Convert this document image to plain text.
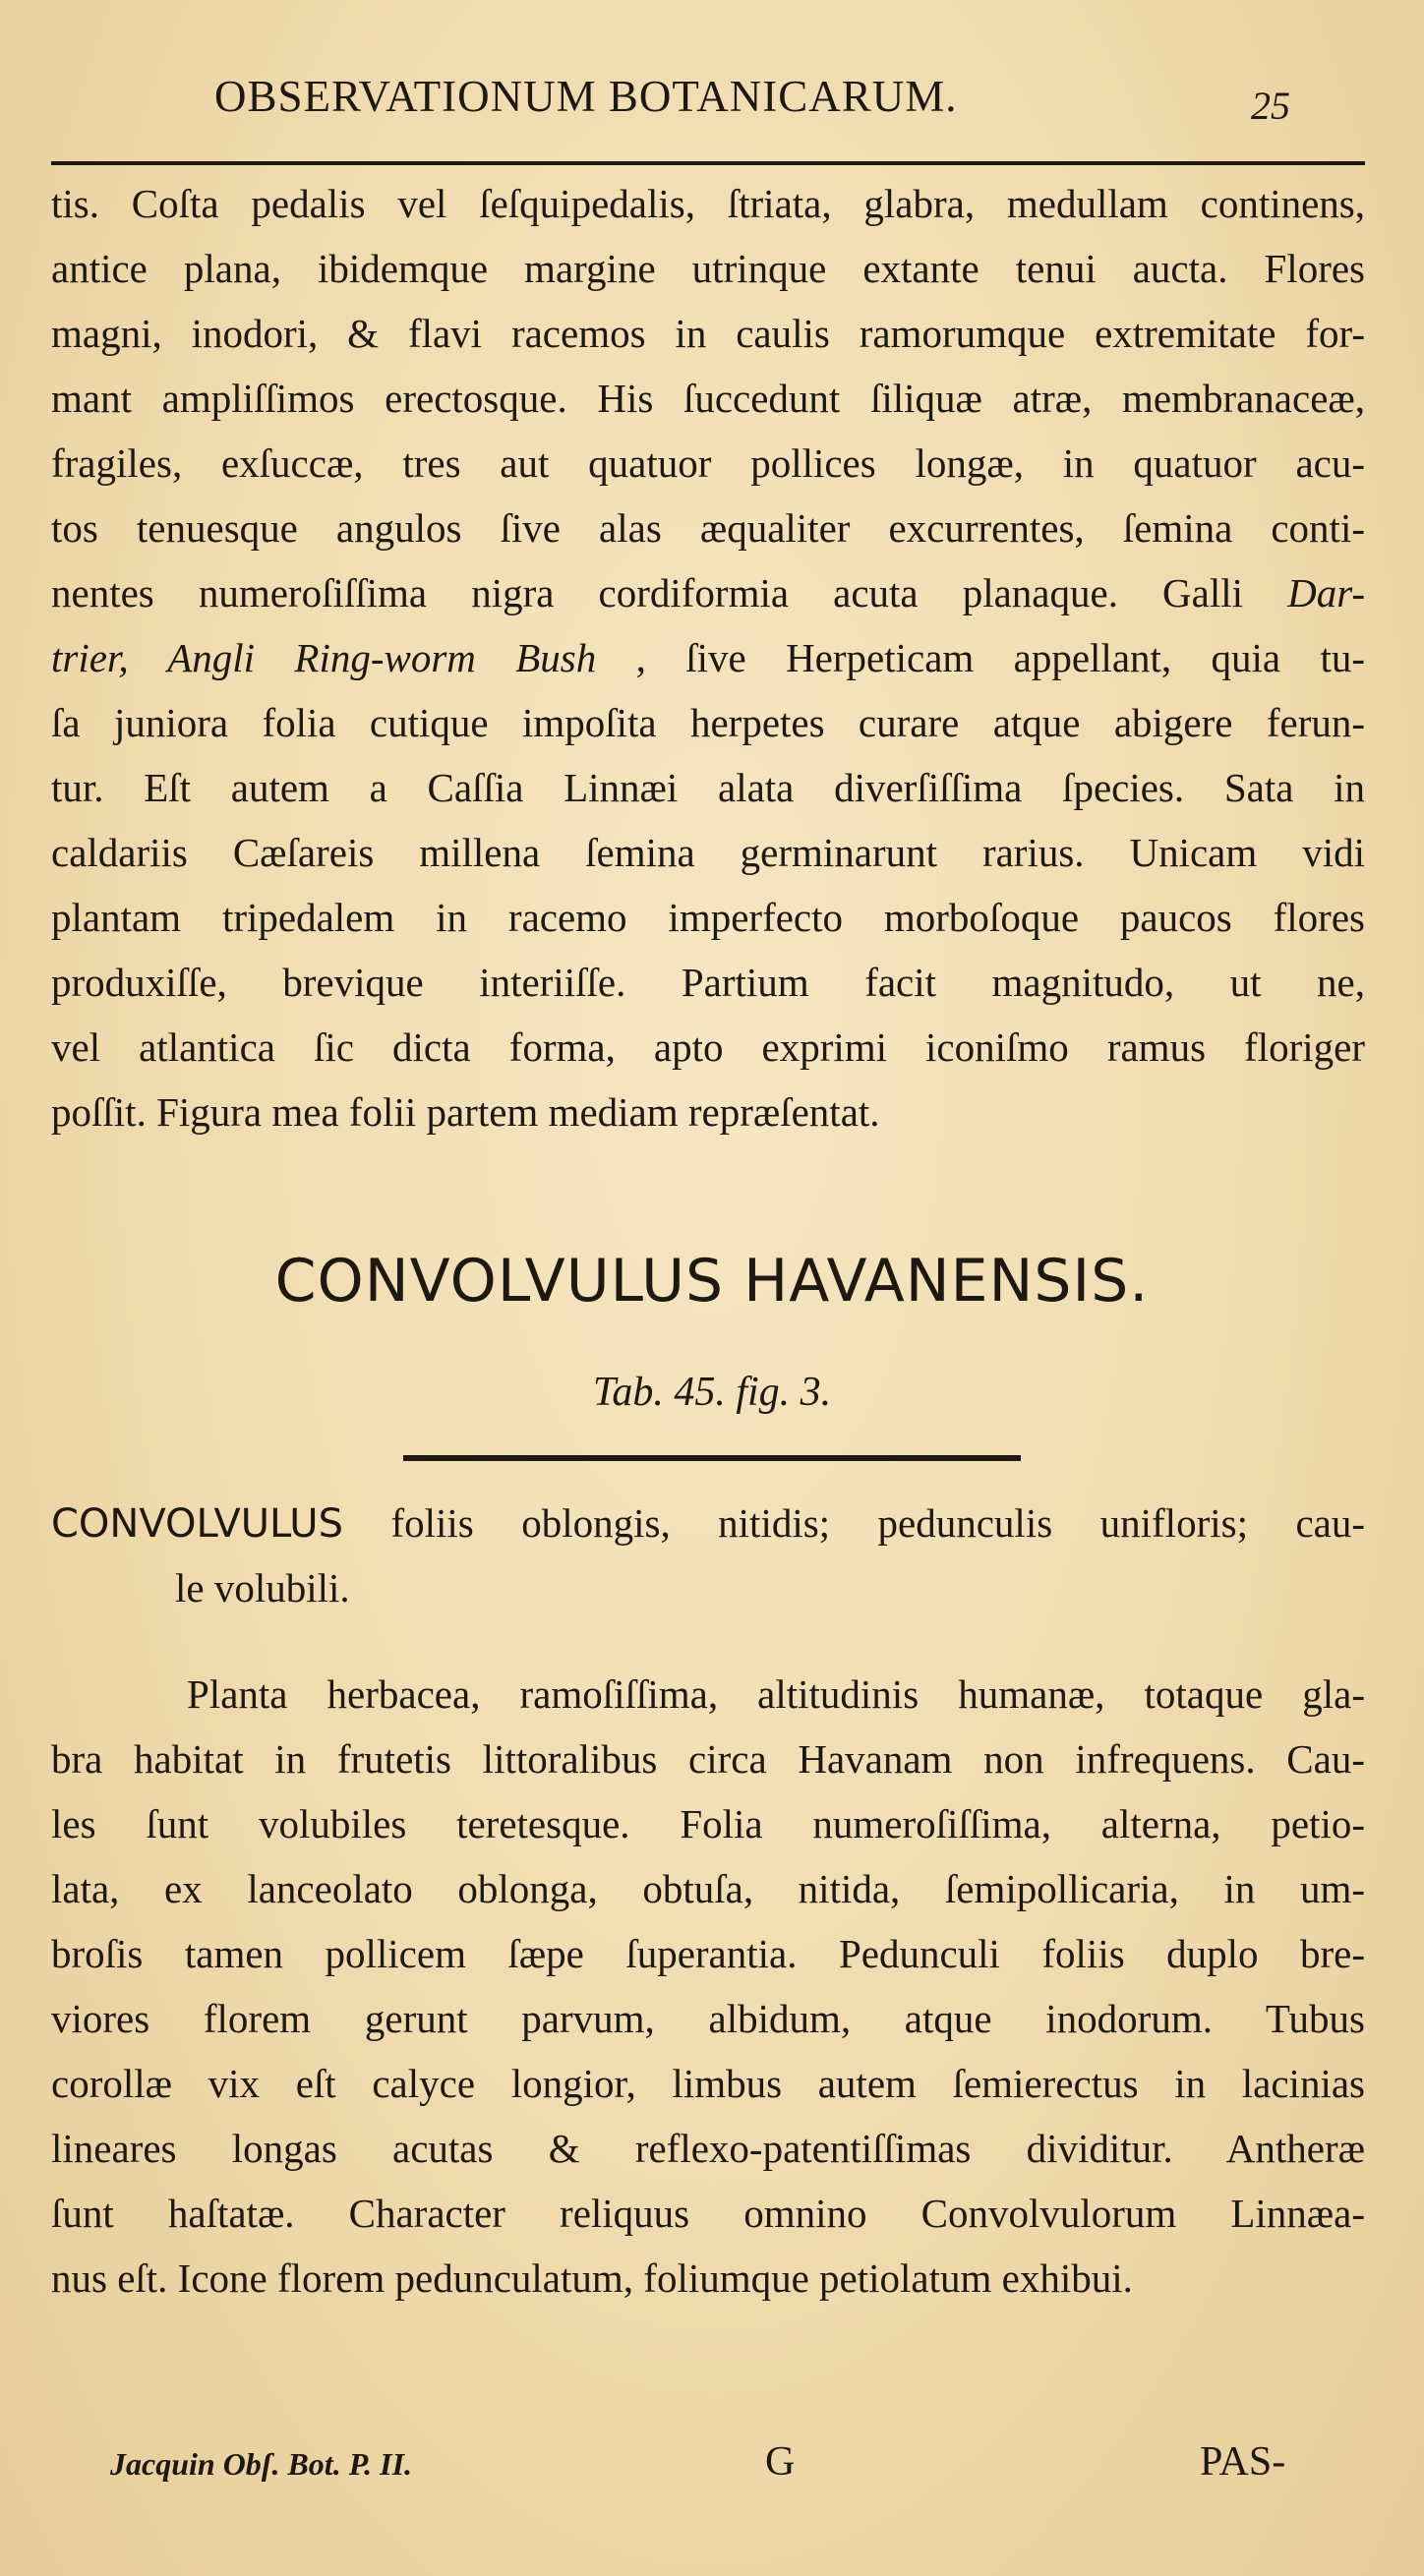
OBSERVATIONUM BOTANICARUM.	25
tis. Coſta pedalis vel ſeſquipedalis, ſtriata, glabra, medullam continens,
antice plana, ibidemque margine utrinque extante tenui aucta. Flores
magni, inodori, & flavi racemos in caulis ramorumque extremitate for-
mant ampliſſimos erectosque. His ſuccedunt ſiliquæ atræ, membranaceæ,
fragiles, exſuccæ, tres aut quatuor pollices longæ, in quatuor acu-
tos tenuesque angulos ſive alas æqualiter excurrentes, ſemina conti-
nentes numeroſiſſima nigra cordiformia acuta planaque. Galli Dar-
trier, Angli Ring-worm Bush , ſive Herpeticam appellant, quia tu-
ſa juniora folia cutique impoſita herpetes curare atque abigere ferun-
tur. Eſt autem a Caſſia Linnæi alata diverſiſſima ſpecies. Sata in
caldariis Cæſareis millena ſemina germinarunt rarius. Unicam vidi
plantam tripedalem in racemo imperfecto morboſoque paucos flores
produxiſſe, brevique interiiſſe. Partium facit magnitudo, ut ne,
vel atlantica ſic dicta forma, apto exprimi iconiſmo ramus floriger
poſſit. Figura mea folii partem mediam repræſentat.
CONVOLVULUS HAVANENSIS.
Tab. 45. fig. 3.
CONVOLVULUS foliis oblongis, nitidis; pedunculis unifloris; cau-
le volubili.
Planta herbacea, ramoſiſſima, altitudinis humanæ, totaque gla-
bra habitat in frutetis littoralibus circa Havanam non infrequens. Cau-
les ſunt volubiles teretesque. Folia numeroſiſſima, alterna, petio-
lata, ex lanceolato oblonga, obtuſa, nitida, ſemipollicaria, in um-
broſis tamen pollicem ſæpe ſuperantia. Pedunculi foliis duplo bre-
viores florem gerunt parvum, albidum, atque inodorum. Tubus
corollæ vix eſt calyce longior, limbus autem ſemierectus in lacinias
lineares longas acutas & reflexo-patentiſſimas dividitur. Antheræ
ſunt haſtatæ. Character reliquus omnino Convolvulorum Linnæa-
nus eſt. Icone florem pedunculatum, foliumque petiolatum exhibui.
Jacquin Obſ. Bot. P. II.	G	PAS-
